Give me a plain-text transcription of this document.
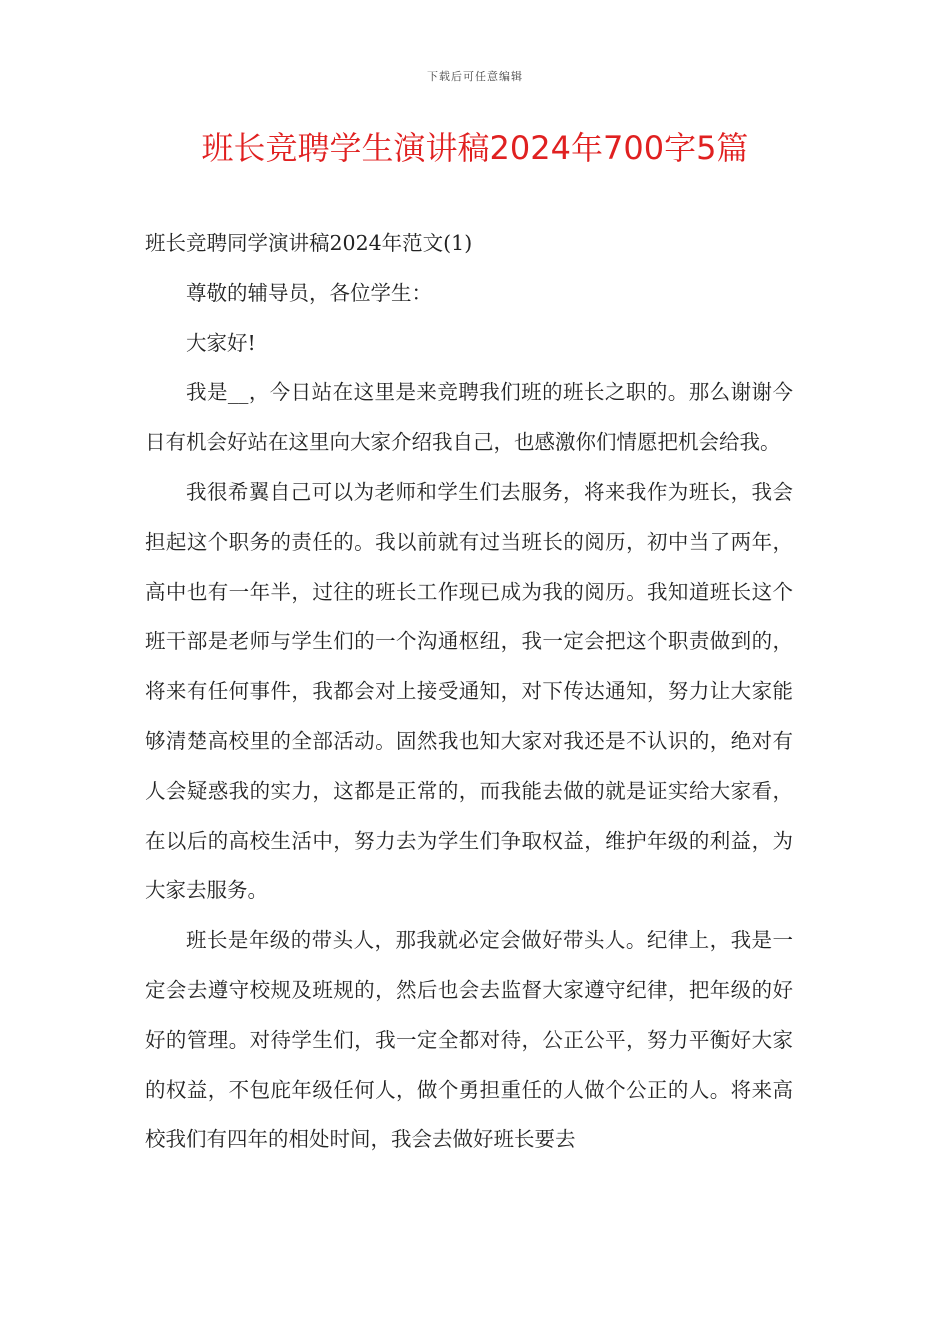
下载后可任意编辑
班长竞聘学生演讲稿2024年700字5篇

班长竞聘同学演讲稿2024年范文(1)

尊敬的辅导员，各位学生：

大家好!

我是__，今日站在这里是来竞聘我们班的班长之职的。那么谢谢今日有机会好站在这里向大家介绍我自己，也感激你们情愿把机会给我。

我很希翼自己可以为老师和学生们去服务，将来我作为班长，我会担起这个职务的责任的。我以前就有过当班长的阅历，初中当了两年，高中也有一年半，过往的班长工作现已成为我的阅历。我知道班长这个班干部是老师与学生们的一个沟通枢纽，我一定会把这个职责做到的，将来有任何事件，我都会对上接受通知，对下传达通知，努力让大家能够清楚高校里的全部活动。固然我也知大家对我还是不认识的，绝对有人会疑惑我的实力，这都是正常的，而我能去做的就是证实给大家看，在以后的高校生活中，努力去为学生们争取权益，维护年级的利益，为大家去服务。

班长是年级的带头人，那我就必定会做好带头人。纪律上，我是一定会去遵守校规及班规的，然后也会去监督大家遵守纪律，把年级的好好的管理。对待学生们，我一定全都对待，公正公平，努力平衡好大家的权益，不包庇年级任何人，做个勇担重任的人做个公正的人。将来高校我们有四年的相处时间，我会去做好班长要去
